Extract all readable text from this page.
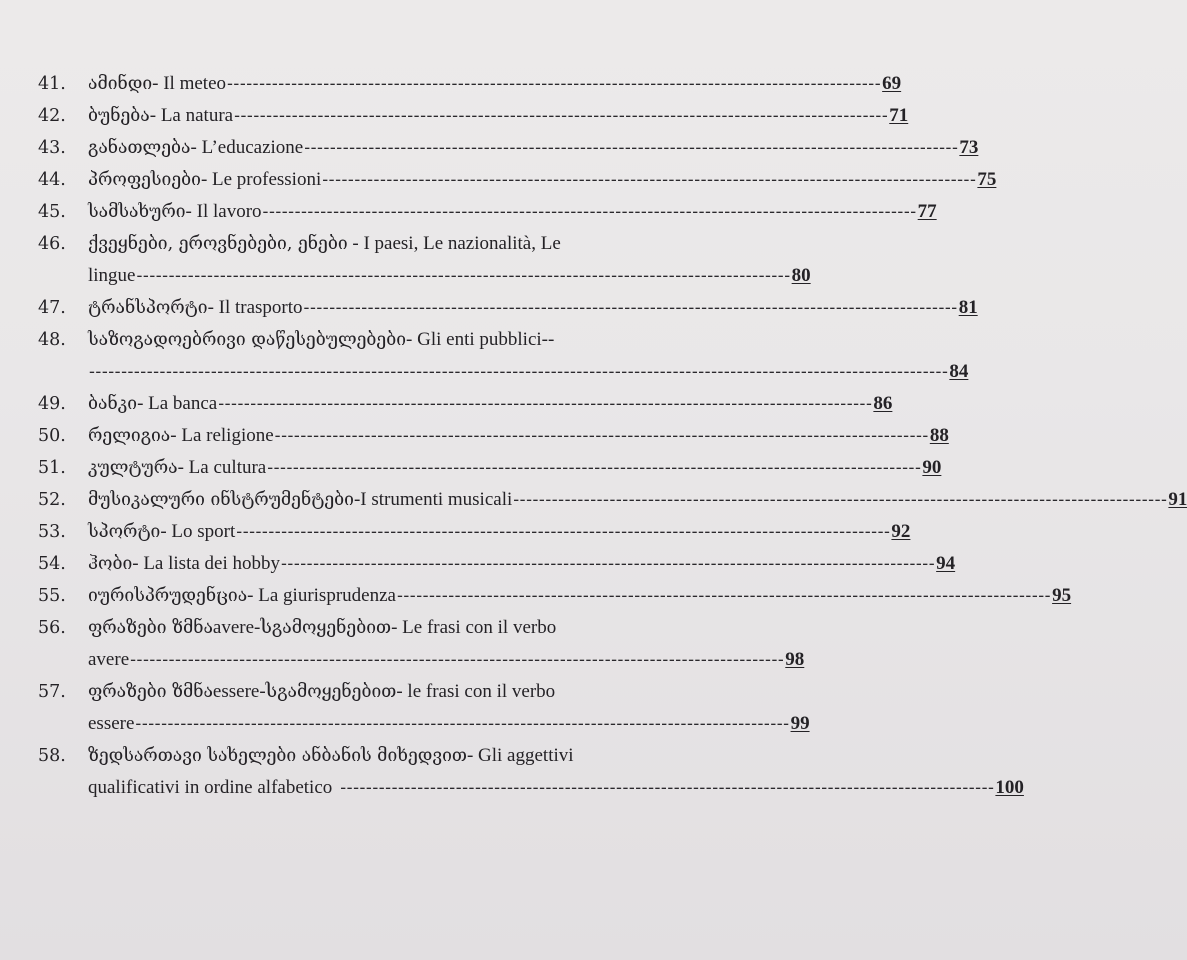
41.	ამინდი - Il meteo ------------------------------------------------------------------------------------------------------ 69
42.	ბუნება - La natura ------------------------------------------------------------------------------------------------------ 71
43.	განათლება - L’educazione ------------------------------------------------------------------------------------------------------ 73
44.	პროფესიები - Le professioni ------------------------------------------------------------------------------------------------------ 75
45.	სამსახური - Il lavoro ------------------------------------------------------------------------------------------------------ 77
46.	ქვეყნები, ეროვნებები, ენები - I paesi, Le nazionalità, Le
lingue ------------------------------------------------------------------------------------------------------ 80
47.	ტრანსპორტი - Il trasporto ------------------------------------------------------------------------------------------------------ 81
48.	საზოგადოებრივი დაწესებულებები - Gli enti pubblici--
-------------------------------------------------------------------------------------------------------------------------------------- 84
49.	ბანკი - La banca ------------------------------------------------------------------------------------------------------ 86
50.	რელიგია - La religione ------------------------------------------------------------------------------------------------------ 88
51.	კულტურა - La cultura ------------------------------------------------------------------------------------------------------ 90
52.	მუსიკალური ინსტრუმენტები -I strumenti musicali ------------------------------------------------------------------------------------------------------ 91
53.	სპორტი - Lo sport ------------------------------------------------------------------------------------------------------ 92
54.	ჰობი - La lista dei hobby ------------------------------------------------------------------------------------------------------ 94
55.	იურისპრუდენცია - La giurisprudenza ------------------------------------------------------------------------------------------------------ 95
56.	ფრაზები ზმნა avere-ს გამოყენებით - Le frasi con il verbo
avere ------------------------------------------------------------------------------------------------------ 98
57.	ფრაზები ზმნა essere-ს გამოყენებით - le frasi con il verbo
essere ------------------------------------------------------------------------------------------------------ 99
58.	ზედსართავი სახელები ანბანის მიხედვით - Gli aggettivi
qualificativi in ordine alfabetico ------------------------------------------------------------------------------------------------------ 100
